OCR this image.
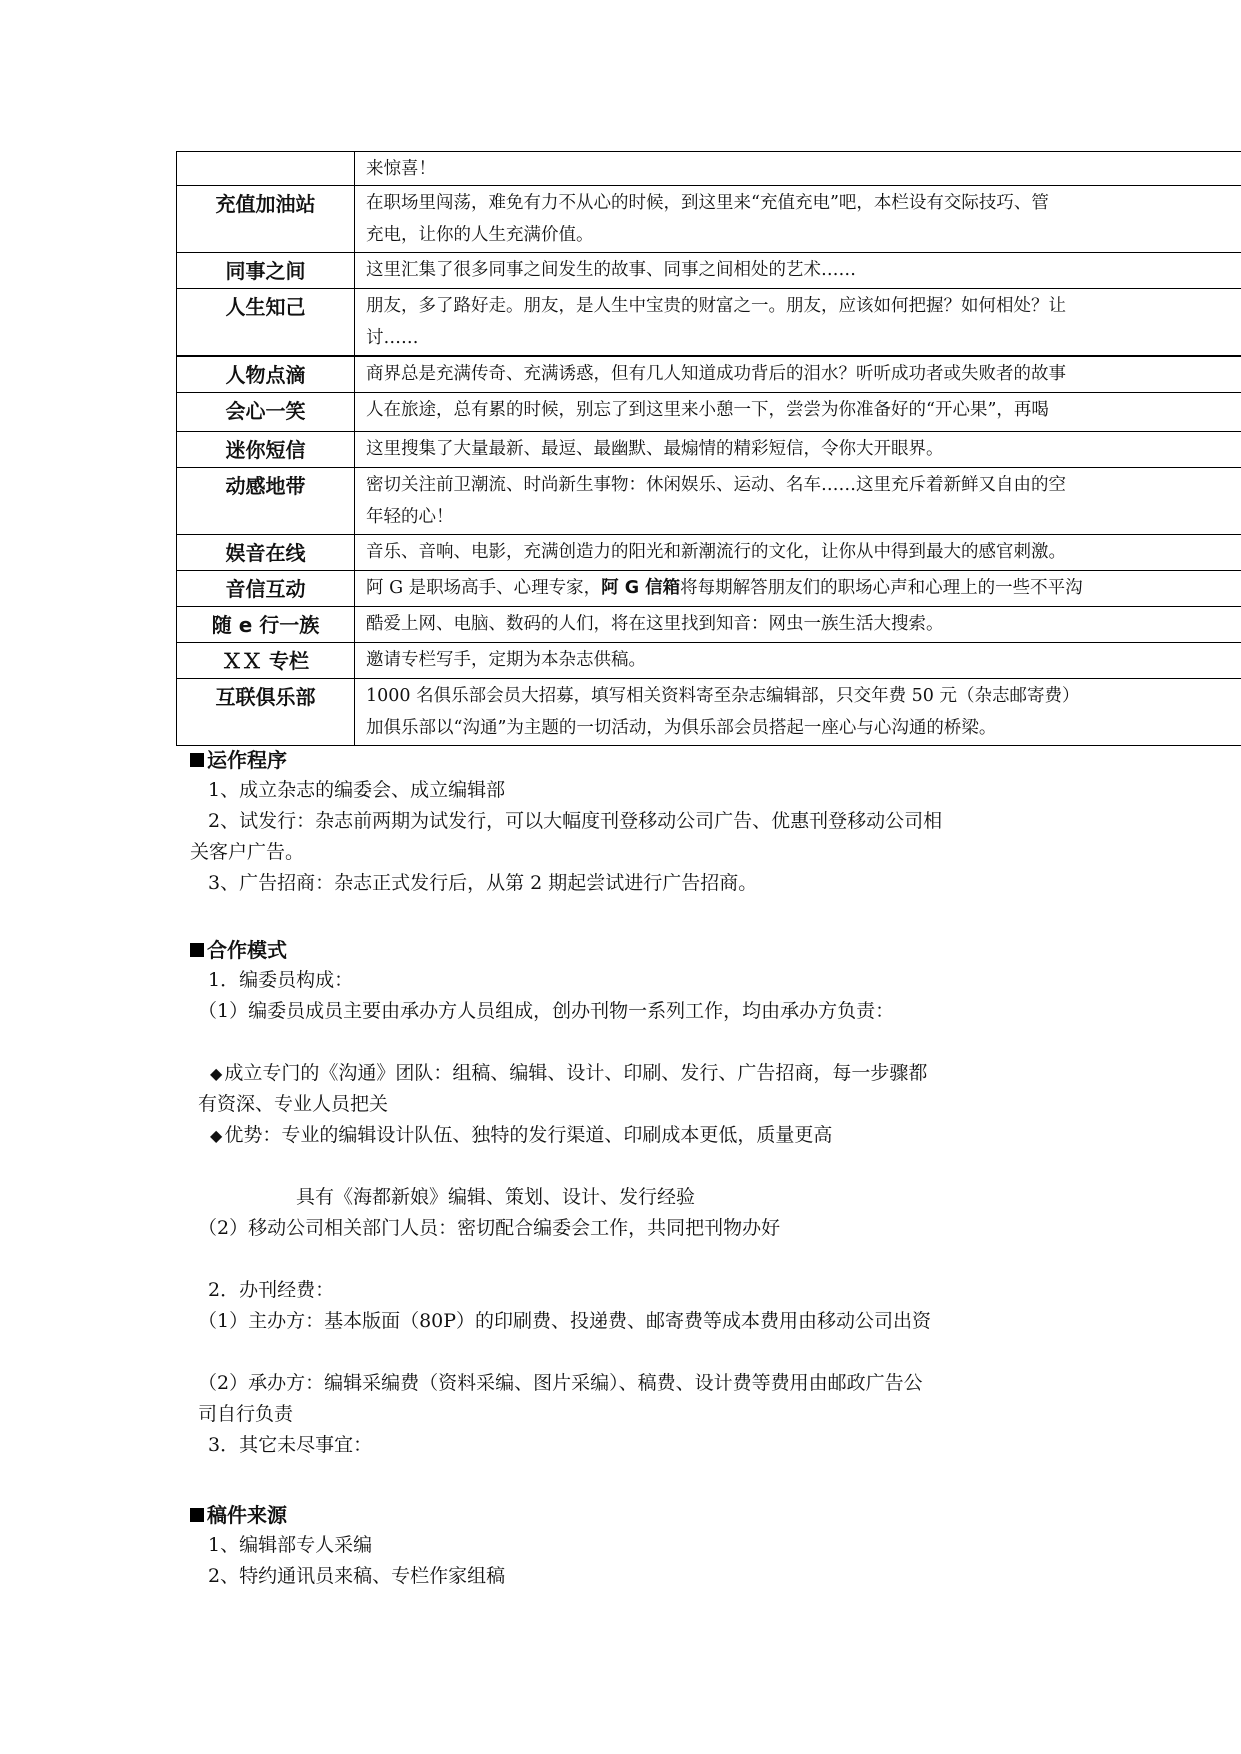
	来惊喜！

充值加油站	在职场里闯荡，难免有力不从心的时候，到这里来“充值充电”吧，本栏设有交际技巧、管
充电，让你的人生充满价值。

同事之间	这里汇集了很多同事之间发生的故事、同事之间相处的艺术……

人生知己	朋友，多了路好走。朋友，是人生中宝贵的财富之一。朋友，应该如何把握？如何相处？让
讨……

人物点滴	商界总是充满传奇、充满诱惑，但有几人知道成功背后的泪水？听听成功者或失败者的故事

会心一笑	人在旅途，总有累的时候，别忘了到这里来小憩一下，尝尝为你准备好的“开心果”，再喝

迷你短信	这里搜集了大量最新、最逗、最幽默、最煽情的精彩短信，令你大开眼界。

动感地带	密切关注前卫潮流、时尚新生事物：休闲娱乐、运动、名车……这里充斥着新鲜又自由的空
年轻的心！

娱音在线	音乐、音响、电影，充满创造力的阳光和新潮流行的文化，让你从中得到最大的感官刺激。

音信互动	阿 G 是职场高手、心理专家，阿 G 信箱将每期解答朋友们的职场心声和心理上的一些不平沟

随 e 行一族	酷爱上网、电脑、数码的人们，将在这里找到知音：网虫一族生活大搜索。

ＸＸ 专栏	邀请专栏写手，定期为本杂志供稿。

互联俱乐部	1000 名俱乐部会员大招募，填写相关资料寄至杂志编辑部，只交年费 50 元（杂志邮寄费）
加俱乐部以“沟通”为主题的一切活动，为俱乐部会员搭起一座心与心沟通的桥梁。
运作程序
1、成立杂志的编委会、成立编辑部
2、试发行：杂志前两期为试发行，可以大幅度刊登移动公司广告、优惠刊登移动公司相
关客户广告。
3、广告招商：杂志正式发行后，从第 2 期起尝试进行广告招商。
合作模式
1．编委员构成：
（1）编委员成员主要由承办方人员组成，创办刊物一系列工作，均由承办方负责：
◆ 成立专门的《沟通》团队：组稿、编辑、设计、印刷、发行、广告招商，每一步骤都
有资深、专业人员把关
◆ 优势：专业的编辑设计队伍、独特的发行渠道、印刷成本更低，质量更高
具有《海都新娘》编辑、策划、设计、发行经验
（2）移动公司相关部门人员：密切配合编委会工作，共同把刊物办好
2．办刊经费：
（1）主办方：基本版面（80P）的印刷费、投递费、邮寄费等成本费用由移动公司出资
（2）承办方：编辑采编费（资料采编、图片采编）、稿费、设计费等费用由邮政广告公
司自行负责
3．其它未尽事宜：
稿件来源
1、编辑部专人采编
2、特约通讯员来稿、专栏作家组稿
